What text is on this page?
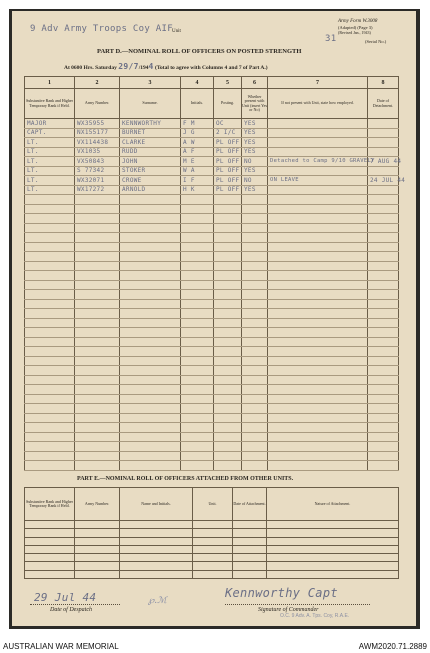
9 Adv Army Troops Coy AIF Unit
Army Form W.3008
(Adapted) (Page 3)
(Revised Jan., 1943)
31	(Serial No.)
PART D.—NOMINAL ROLL OF OFFICERS ON POSTED STRENGTH
At 0600 Hrs. Saturday 29/7/1944 (Total to agree with Columns 4 and 7 of Part A.)
1	2	3	4	5	6	7	8
Substantive Rank and Higher Temporary Rank if Held.	Army Number.	Surname.	Initials.	Posting.	Whether present with Unit (insert Yes or No)	If not present with Unit, state how employed.	Date of Detachment.
MAJOR	WX35955	KENNWORTHY	F M	OC	YES		
CAPT.	NX155177	BURNET	J G	2 I/C	YES		
LT.	VX114438	CLARKE	A W	PL OFF	YES		
LT.	VX1035	RUDD	A F	PL OFF	YES		
LT.	VX50843	JOHN	M E	PL OFF	NO	Detached to Camp 9/10 GRAVELY	7 AUG 44
LT.	S 77342	STOKER	W A	PL OFF	YES		
LT.	WX32071	CROWE	I F	PL OFF	NO	ON LEAVE	24 JUL 44
LT.	WX17272	ARNOLD	H K	PL OFF	YES		

PART E.—NOMINAL ROLL OF OFFICERS ATTACHED FROM OTHER UNITS.
Substantive Rank and Higher Temporary Rank if Held.	Army Number.	Name and Initials.	Unit.	Date of Attachment.	Nature of Attachment.

29 Jul 44
Date of Despatch
℘.ℳ
Kennworthy Capt
Signature of Commander
O.C. 9 Adv. A. Tps. Coy, R.A.E.
AUSTRALIAN WAR MEMORIAL	AWM2020.71.2889
